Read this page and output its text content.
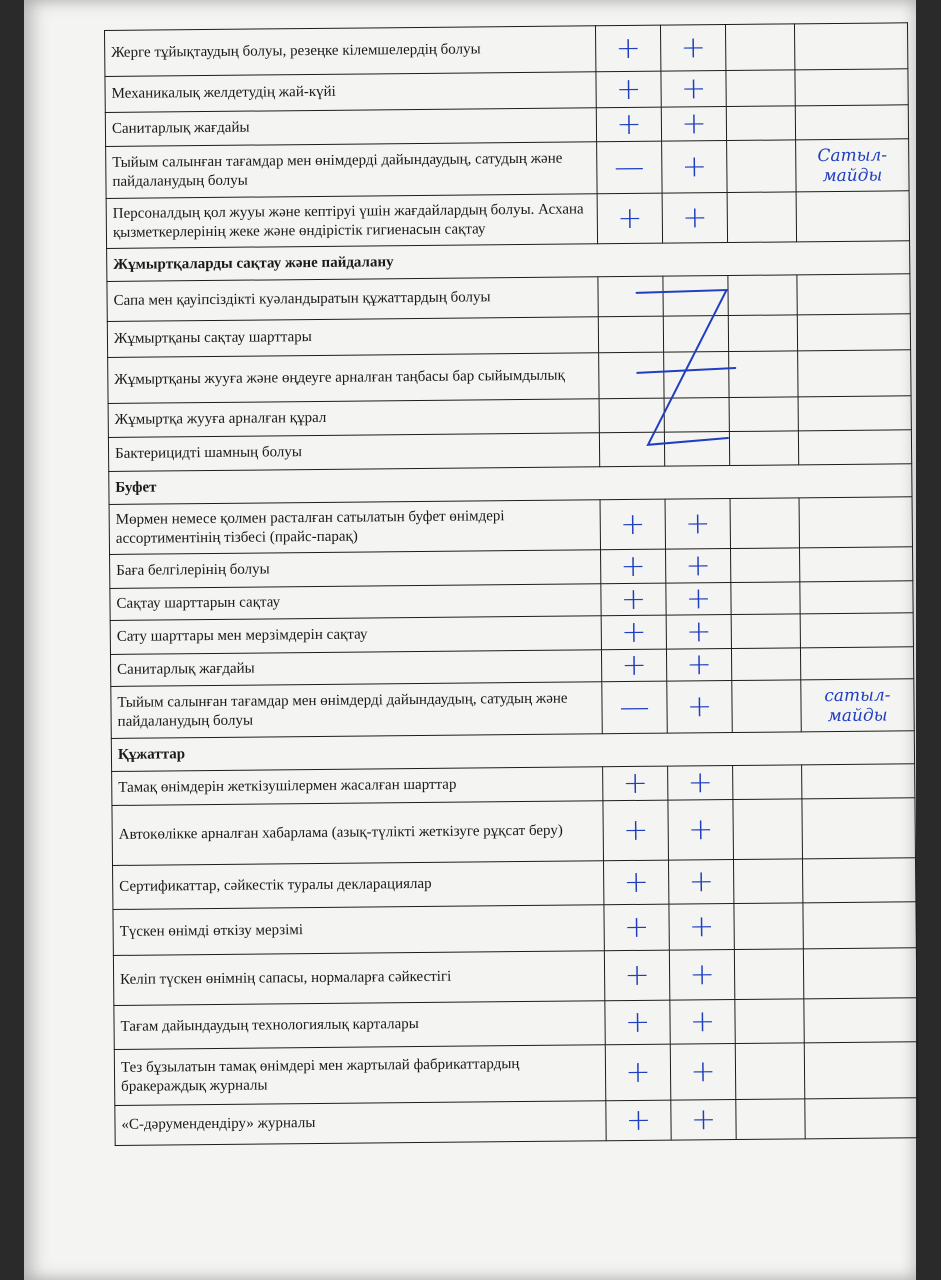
Жерге тұйықтаудың болуы, резеңке кілемшелердің болуы	+	+		
Механикалық желдетудің жай-күйі	+	+		
Санитарлық жағдайы	+	+		
Тыйым салынған тағамдар мен өнімдерді дайындаудың, сатудың және пайдаланудың болуы	—	+		Сатыл-майды
Персоналдың қол жууы және кептіруі үшін жағдайлардың болуы. Асхана қызметкерлерінің жеке және өндірістік гигиенасын сақтау	+	+		
Жұмыртқаларды сақтау және пайдалану				
Сапа мен қауіпсіздікті куәландыратын құжаттардың болуы				
Жұмыртқаны сақтау шарттары				
Жұмыртқаны жууға және өңдеуге арналған таңбасы бар сыйымдылық				
Жұмыртқа жууға арналған құрал				
Бактерицидті шамның болуы				
Буфет				
Мөрмен немесе қолмен расталған сатылатын буфет өнімдері ассортиментінің тізбесі (прайс-парақ)	+	+		
Баға белгілерінің болуы	+	+		
Сақтау шарттарын сақтау	+	+		
Сату шарттары мен мерзімдерін сақтау	+	+		
Санитарлық жағдайы	+	+		
Тыйым салынған тағамдар мен өнімдерді дайындаудың, сатудың және пайдаланудың болуы	—	+		сатыл-майды
Құжаттар				
Тамақ өнімдерін жеткізушілермен жасалған шарттар	+	+		
Автокөлікке арналған хабарлама (азық-түлікті жеткізуге рұқсат беру)	+	+		
Сертификаттар, сәйкестік туралы декларациялар	+	+		
Түскен өнімді өткізу мерзімі	+	+		
Келіп түскен өнімнің сапасы, нормаларға сәйкестігі	+	+		
Тағам дайындаудың технологиялық карталары	+	+		
Тез бұзылатын тамақ өнімдері мен жартылай фабрикаттардың бракераждық журналы	+	+		
«С-дәрумендендіру» журналы	+	+		
